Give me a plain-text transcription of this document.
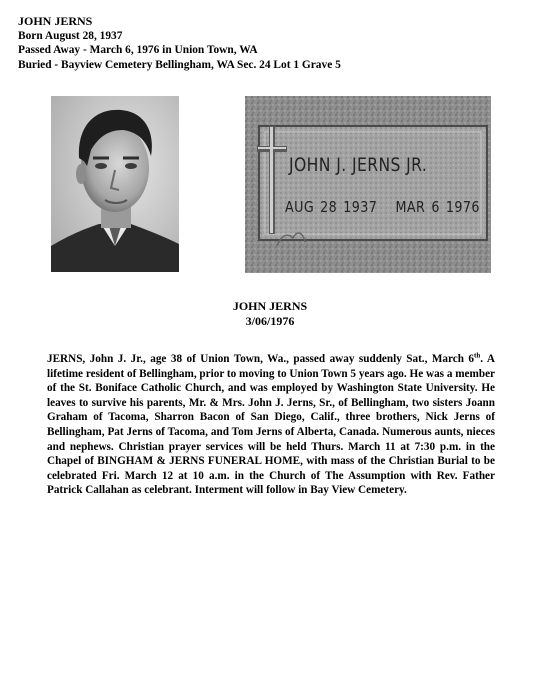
JOHN JERNS
Born August 28, 1937
Passed Away - March 6, 1976 in Union Town, WA
Buried - Bayview Cemetery Bellingham, WA Sec. 24 Lot 1 Grave 5
JOHN J. JERNS JR.
AUG 28 1937 MAR 6 1976
JOHN JERNS
3/06/1976
JERNS, John J. Jr., age 38 of Union Town, Wa., passed away suddenly Sat., March 6th. A lifetime resident of Bellingham, prior to moving to Union Town 5 years ago. He was a member of the St. Boniface Catholic Church, and was employed by Washington State University. He leaves to survive his parents, Mr. & Mrs. John J. Jerns, Sr., of Bellingham, two sisters Joann Graham of Tacoma, Sharron Bacon of San Diego, Calif., three brothers, Nick Jerns of Bellingham, Pat Jerns of Tacoma, and Tom Jerns of Alberta, Canada. Numerous aunts, nieces and nephews. Christian prayer services will be held Thurs. March 11 at 7:30 p.m. in the Chapel of BINGHAM & JERNS FUNERAL HOME, with mass of the Christian Burial to be celebrated Fri. March 12 at 10 a.m. in the Church of The Assumption with Rev. Father Patrick Callahan as celebrant. Interment will follow in Bay View Cemetery.
